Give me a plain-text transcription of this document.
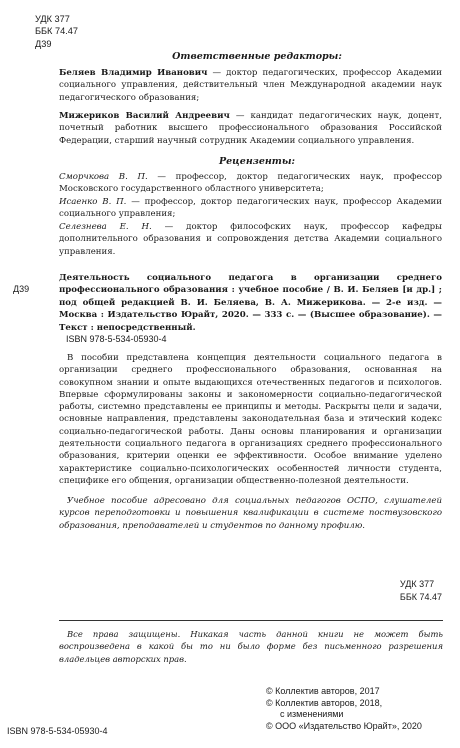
УДК 377
ББК 74.47
Д39
Ответственные редакторы:
Беляев Владимир Иванович — доктор педагогических, профессор Академии социального управления, действительный член Международной академии наук педагогического образования;
Мижериков Василий Андреевич — кандидат педагогических наук, доцент, почетный работник высшего профессионального образования Российской Федерации, старший научный сотрудник Академии социального управления.
Рецензенты:
Сморчкова В. П. — профессор, доктор педагогических наук, профессор Московского государственного областного университета;
Исаенко В. П. — профессор, доктор педагогических наук, профессор Академии социального управления;
Селезнева Е. Н. — доктор философских наук, профессор кафедры дополнительного образования и сопровождения детства Академии социального управления.
Д39
Деятельность социального педагога в организации среднего профессионального образования : учебное пособие / В. И. Беляев [и др.] ; под общей редакцией В. И. Беляева, В. А. Мижерикова. — 2-е изд. — Москва : Издательство Юрайт, 2020. — 333 с. — (Высшее образование). — Текст : непосредственный.
ISBN 978-5-534-05930-4
В пособии представлена концепция деятельности социального педагога в организации среднего профессионального образования, основанная на совокупном знании и опыте выдающихся отечественных педагогов и психологов. Впервые сформулированы законы и закономерности социально-педагогической работы, системно представлены ее принципы и методы. Раскрыты цели и задачи, основные направления, представлены законодательная база и этический кодекс социально-педагогической работы. Даны основы планирования и организации деятельности социального педагога в организациях среднего профессионального образования, критерии оценки ее эффективности. Особое внимание уделено характеристике социально-психологических особенностей личности студента, специфике его общения, организации общественно-полезной деятельности.
Учебное пособие адресовано для социальных педагогов ОСПО, слушателей курсов переподготовки и повышения квалификации в системе поствузовского образования, преподавателей и студентов по данному профилю.
УДК 377
ББК 74.47
Все права защищены. Никакая часть данной книги не может быть воспроизведена в какой бы то ни было форме без письменного разрешения владельцев авторских прав.
© Коллектив авторов, 2017
© Коллектив авторов, 2018,
с изменениями
© ООО «Издательство Юрайт», 2020
ISBN 978-5-534-05930-4
